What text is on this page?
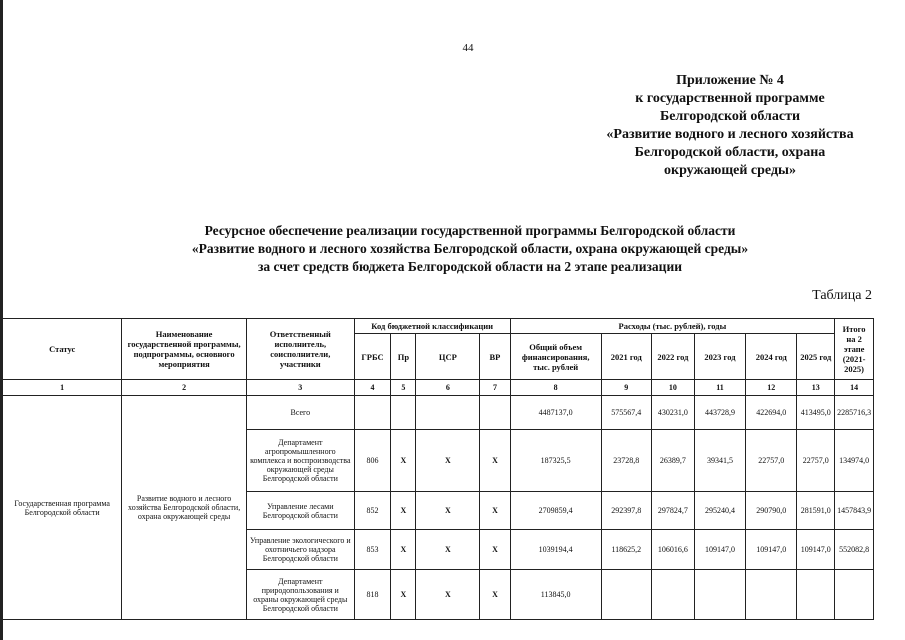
44
Приложение № 4
к государственной программе
Белгородской области
«Развитие водного и лесного хозяйства
Белгородской области, охрана
окружающей среды»
Ресурсное обеспечение реализации государственной программы Белгородской области
«Развитие водного и лесного хозяйства Белгородской области, охрана окружающей среды»
за счет средств бюджета Белгородской области на 2 этапе реализации
Таблица 2
Статус	Наименование государственной программы, подпрограммы, основного мероприятия	Ответственный исполнитель, соисполнители, участники	Код бюджетной классификации				Расходы (тыс. рублей), годы						Итого на 2 этапе (2021-2025)
			ГРБС	Пр	ЦСР	ВР	Общий объем финансирования, тыс. рублей	2021 год	2022 год	2023 год	2024 год	2025 год	
1	2	3	4	5	6	7	8	9	10	11	12	13	14
Государственная программа Белгородской области	Развитие водного и лесного хозяйства Белгородской области, охрана окружающей среды	Всего					4487137,0	575567,4	430231,0	443728,9	422694,0	413495,0	2285716,3
		Департамент агропромышленного комплекса и воспроизводства окружающей среды Белгородской области	806	X	X	X	187325,5	23728,8	26389,7	39341,5	22757,0	22757,0	134974,0
		Управление лесами Белгородской области	852	X	X	X	2709859,4	292397,8	297824,7	295240,4	290790,0	281591,0	1457843,9
		Управление экологического и охотничьего надзора Белгородской области	853	X	X	X	1039194,4	118625,2	106016,6	109147,0	109147,0	109147,0	552082,8
		Департамент природопользования и охраны окружающей среды Белгородской области	818	X	X	X	113845,0						
